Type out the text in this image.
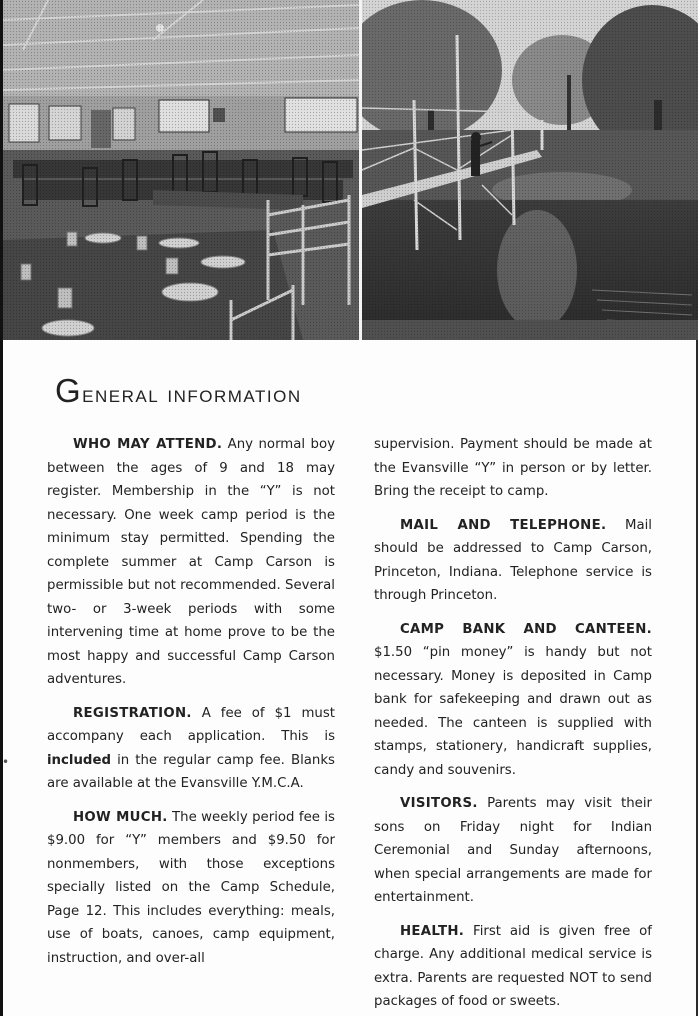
•
General information

WHO MAY ATTEND. Any normal boy between the ages of 9 and 18 may register. Membership in the “Y” is not necessary. One week camp period is the minimum stay permitted. Spending the complete summer at Camp Carson is permissible but not recommended. Several two- or 3-week periods with some intervening time at home prove to be the most happy and successful Camp Carson adventures.

REGISTRATION. A fee of $1 must accompany each application. This is included in the regular camp fee. Blanks are available at the Evansville Y.M.C.A.

HOW MUCH. The weekly period fee is $9.00 for “Y” members and $9.50 for nonmembers, with those exceptions specially listed on the Camp Schedule, Page 12. This includes everything: meals, use of boats, canoes, camp equipment, instruction, and over-all

supervision. Payment should be made at the Evansville “Y” in person or by letter. Bring the receipt to camp.

MAIL AND TELEPHONE. Mail should be addressed to Camp Carson, Princeton, Indiana. Telephone service is through Princeton.

CAMP BANK AND CANTEEN. $1.50 “pin money” is handy but not necessary. Money is deposited in Camp bank for safekeeping and drawn out as needed. The canteen is supplied with stamps, stationery, handicraft supplies, candy and souvenirs.

VISITORS. Parents may visit their sons on Friday night for Indian Ceremonial and Sunday afternoons, when special arrangements are made for entertainment.

HEALTH. First aid is given free of charge. Any additional medical service is extra. Parents are requested NOT to send packages of food or sweets.
